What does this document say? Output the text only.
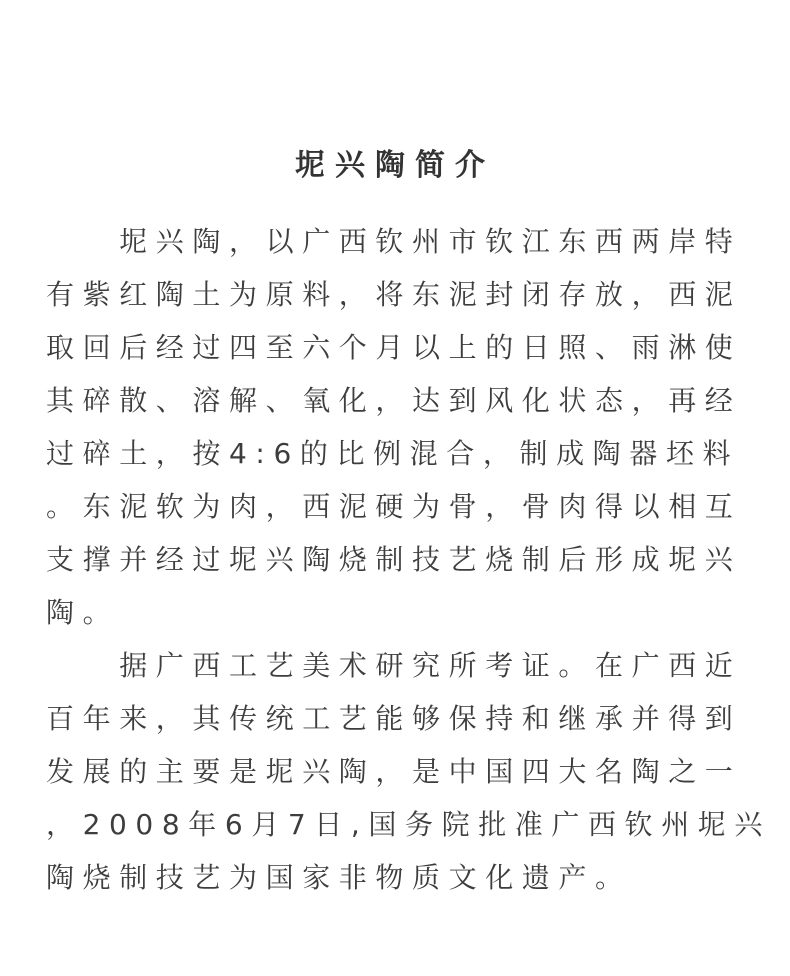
坭兴陶简介
　　坭兴陶，以广西钦州市钦江东西两岸特
有紫红陶土为原料，将东泥封闭存放，西泥
取回后经过四至六个月以上的日照、雨淋使
其碎散、溶解、氧化，达到风化状态，再经
过碎土，按4:6的比例混合，制成陶器坯料
。东泥软为肉，西泥硬为骨，骨肉得以相互
支撑并经过坭兴陶烧制技艺烧制后形成坭兴
陶。
　　据广西工艺美术研究所考证。在广西近
百年来，其传统工艺能够保持和继承并得到
发展的主要是坭兴陶，是中国四大名陶之一
，2008年6月7日,国务院批准广西钦州坭兴
陶烧制技艺为国家非物质文化遗产。
